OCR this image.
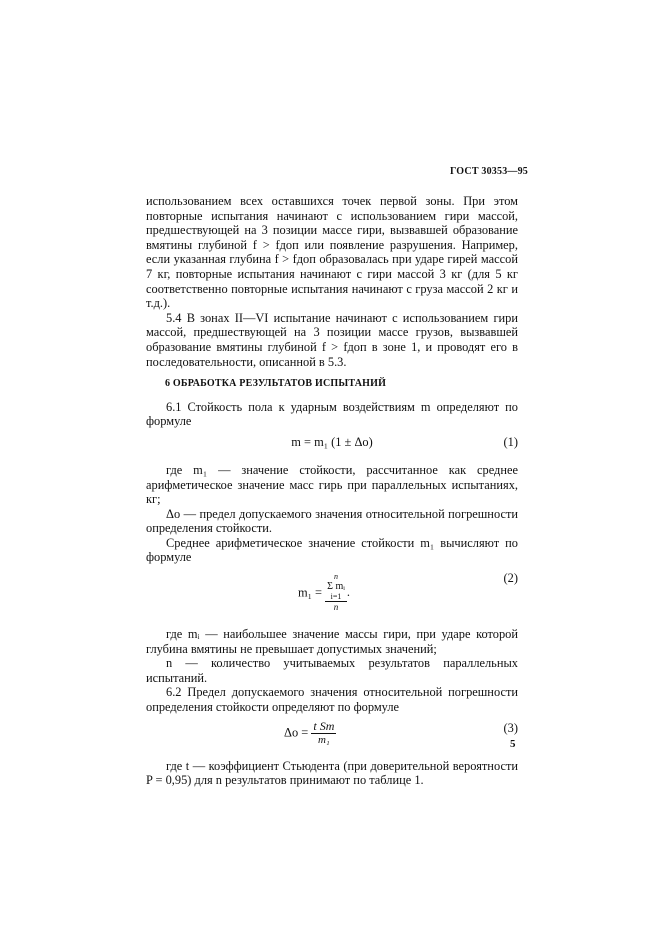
ГОСТ 30353—95

использованием всех оставшихся точек первой зоны. При этом повторные испытания начинают с использованием гири массой, предшествующей на 3 позиции массе гири, вызвавшей образование вмятины глубиной f > fдоп или появление разрушения. Например, если указанная глубина f > fдоп образовалась при ударе гирей массой 7 кг, повторные испытания начинают с гири массой 3 кг (для 5 кг соответственно повторные испытания начинают с груза массой 2 кг и т.д.).

5.4 В зонах II—VI испытание начинают с использованием гири массой, предшествующей на 3 позиции массе грузов, вызвавшей образование вмятины глубиной f > fдоп в зоне 1, и проводят его в последовательности, описанной в 5.3.

6 ОБРАБОТКА РЕЗУЛЬТАТОВ ИСПЫТАНИЙ

6.1 Стойкость пола к ударным воздействиям m определяют по формуле

m = m₁ (1 ± Δо)	(1)

где m₁ — значение стойкости, рассчитанное как среднее арифметическое значение масс гирь при параллельных испытаниях, кг;

Δо — предел допускаемого значения относительной погрешности определения стойкости.

Среднее арифметическое значение стойкости m₁ вычисляют по формуле

m₁ = n
Σ mᵢ
i=1
n .
(2)

где mᵢ — наибольшее значение массы гири, при ударе которой глубина вмятины не превышает допустимых значений;

n — количество учитываемых результатов параллельных испытаний.

6.2 Предел допускаемого значения относительной погрешности определения стойкости определяют по формуле

$\Delta о = \frac{\text{t Sm}}{\text{m₁}}$	(3)

где t — коэффициент Стьюдента (при доверительной вероятности P = 0,95) для n результатов принимают по таблице 1.

5
